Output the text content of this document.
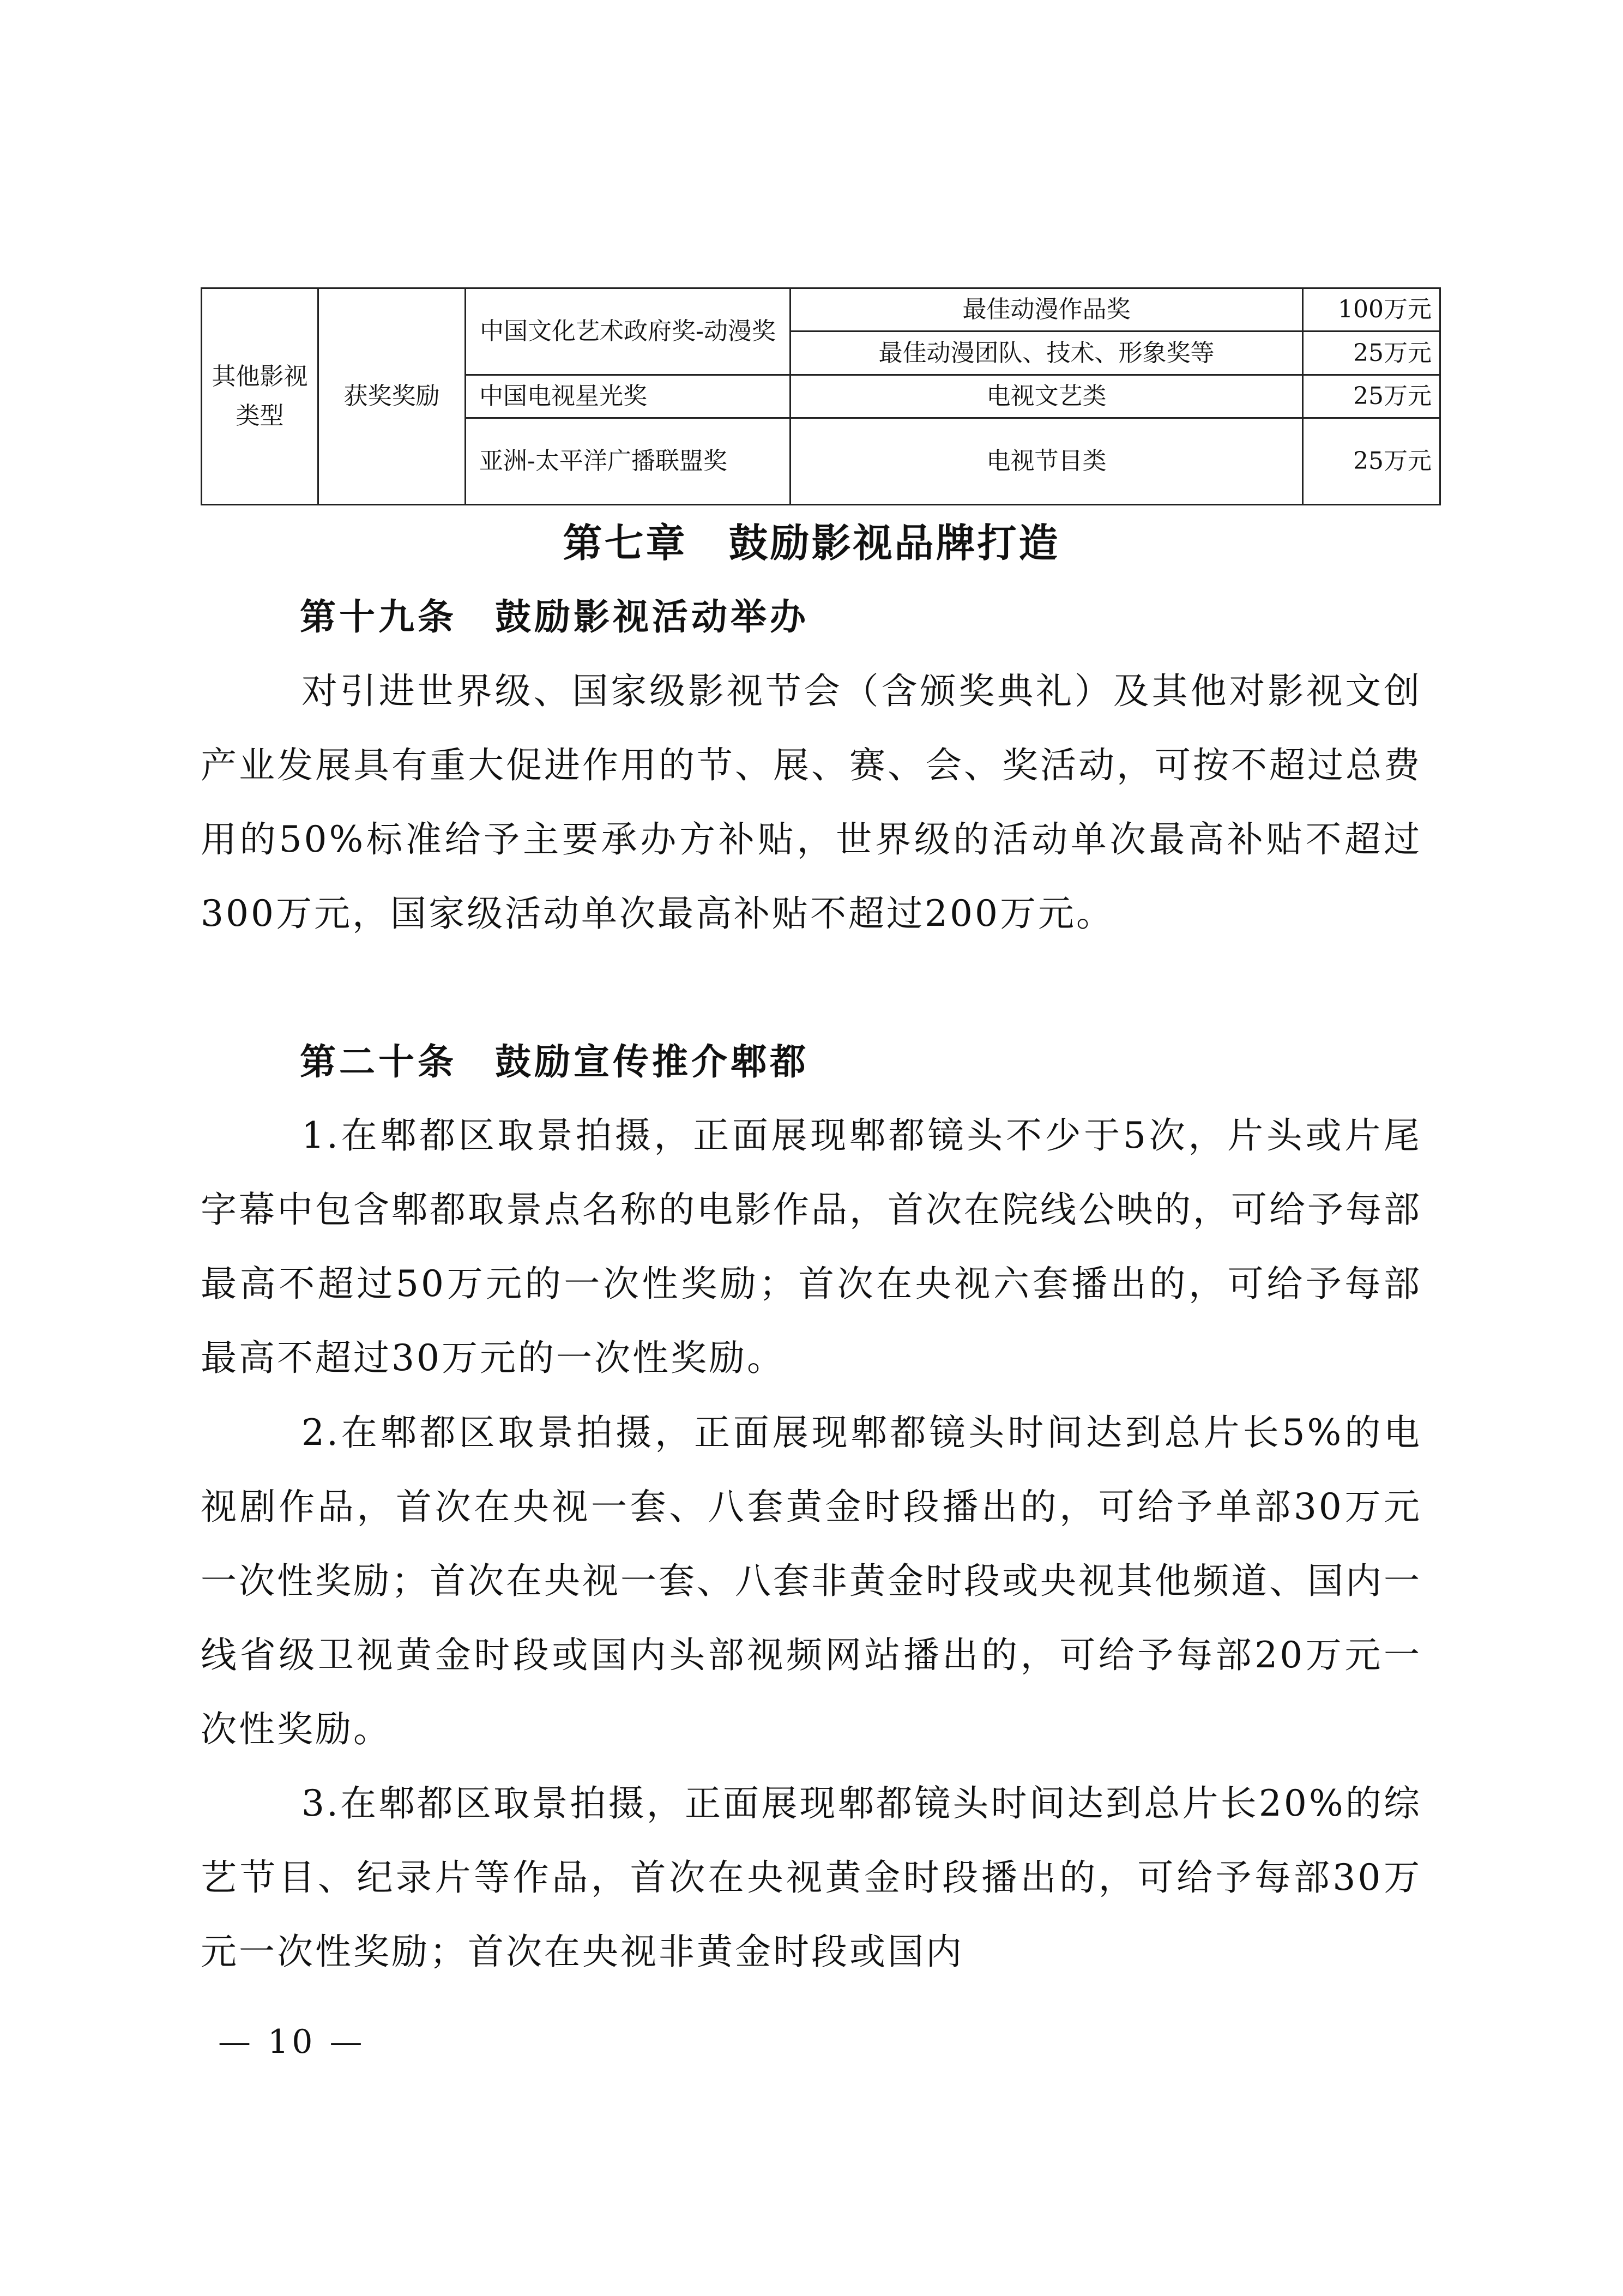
其他影视类型	获奖奖励	中国文化艺术政府奖-动漫奖	最佳动漫作品奖	100万元
			最佳动漫团队、技术、形象奖等	25万元
		中国电视星光奖	电视文艺类	25万元
		亚洲-太平洋广播联盟奖	电视节目类	25万元
第七章　鼓励影视品牌打造
第十九条 鼓励影视活动举办

对引进世界级、国家级影视节会（含颁奖典礼）及其他对影视文创产业发展具有重大促进作用的节、展、赛、会、奖活动，可按不超过总费用的50%标准给予主要承办方补贴，世界级的活动单次最高补贴不超过300万元，国家级活动单次最高补贴不超过200万元。

第二十条 鼓励宣传推介郫都

1.在郫都区取景拍摄，正面展现郫都镜头不少于5次，片头或片尾字幕中包含郫都取景点名称的电影作品，首次在院线公映的，可给予每部最高不超过50万元的一次性奖励；首次在央视六套播出的，可给予每部最高不超过30万元的一次性奖励。

2.在郫都区取景拍摄，正面展现郫都镜头时间达到总片长5%的电视剧作品，首次在央视一套、八套黄金时段播出的，可给予单部30万元一次性奖励；首次在央视一套、八套非黄金时段或央视其他频道、国内一线省级卫视黄金时段或国内头部视频网站播出的，可给予每部20万元一次性奖励。

3.在郫都区取景拍摄，正面展现郫都镜头时间达到总片长20%的综艺节目、纪录片等作品，首次在央视黄金时段播出的，可给予每部30万元一次性奖励；首次在央视非黄金时段或国内

— 10 —
